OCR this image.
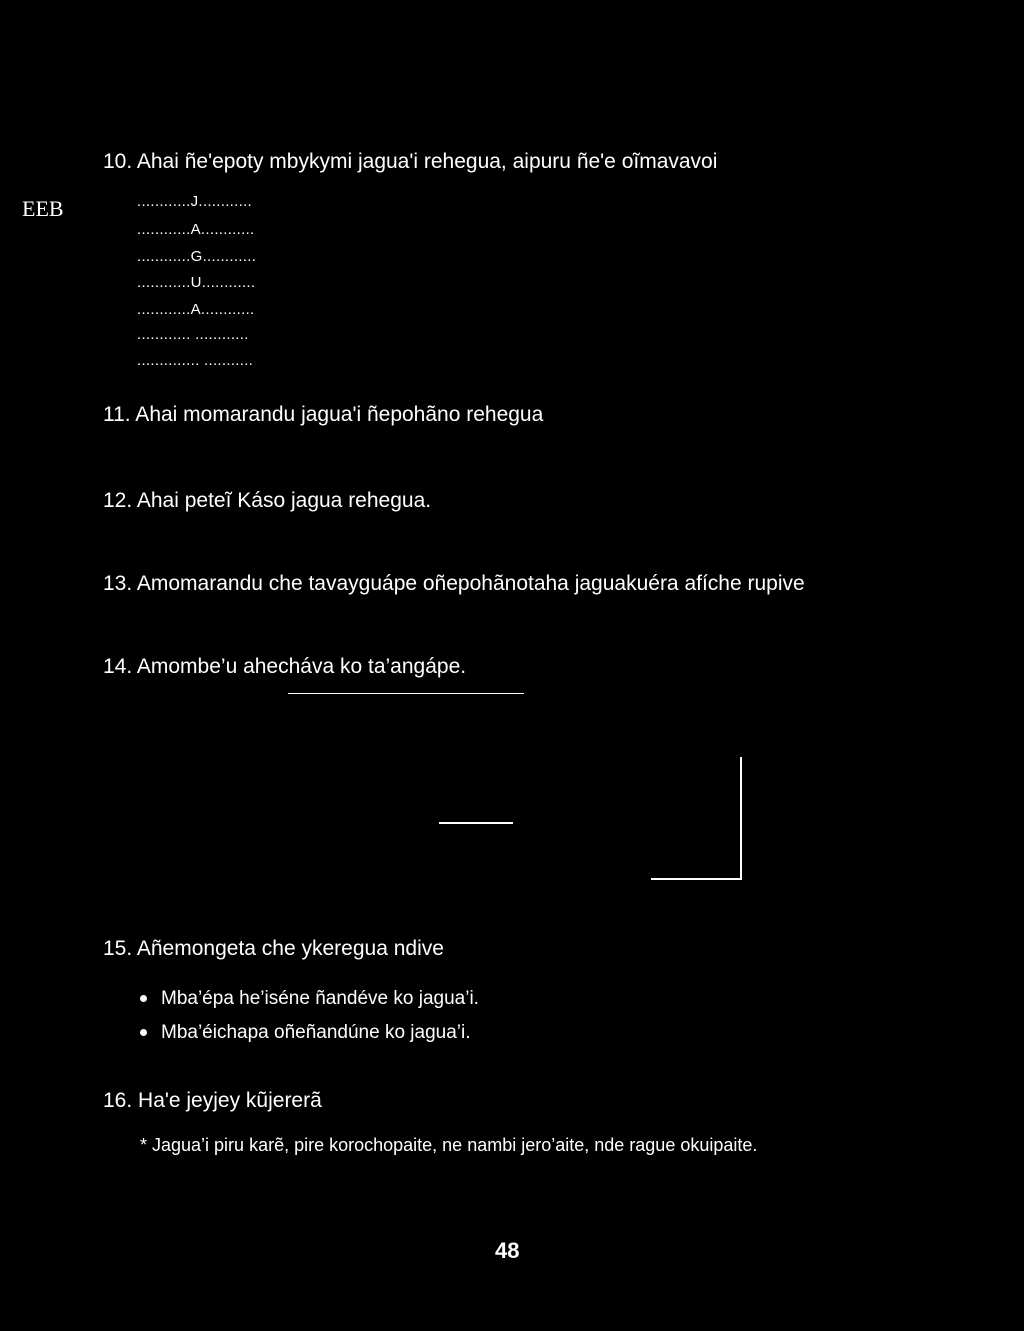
EEB
10. Ahai ñe'epoty mbykymi jagua'i rehegua, aipuru ñe'e oĩmavavoi
............J............
............A............
............G............
............U............
............A............
............ ............
.............. ...........
11. Ahai momarandu jagua'i ñepohãno rehegua
12. Ahai peteĩ Káso jagua rehegua.
13. Amomarandu che tavayguápe oñepohãnotaha jaguakuéra afíche rupive
14. Amombe’u ahecháva ko ta’angápe.
15. Añemongeta che ykeregua ndive
Mba’épa he’iséne ñandéve ko jagua’i.
Mba’éichapa oñeñandúne ko jagua’i.
16. Ha'e jeyjey kũjererã
* Jagua’i piru karẽ, pire korochopaite, ne nambi jero’aite, nde rague okuipaite.
48
